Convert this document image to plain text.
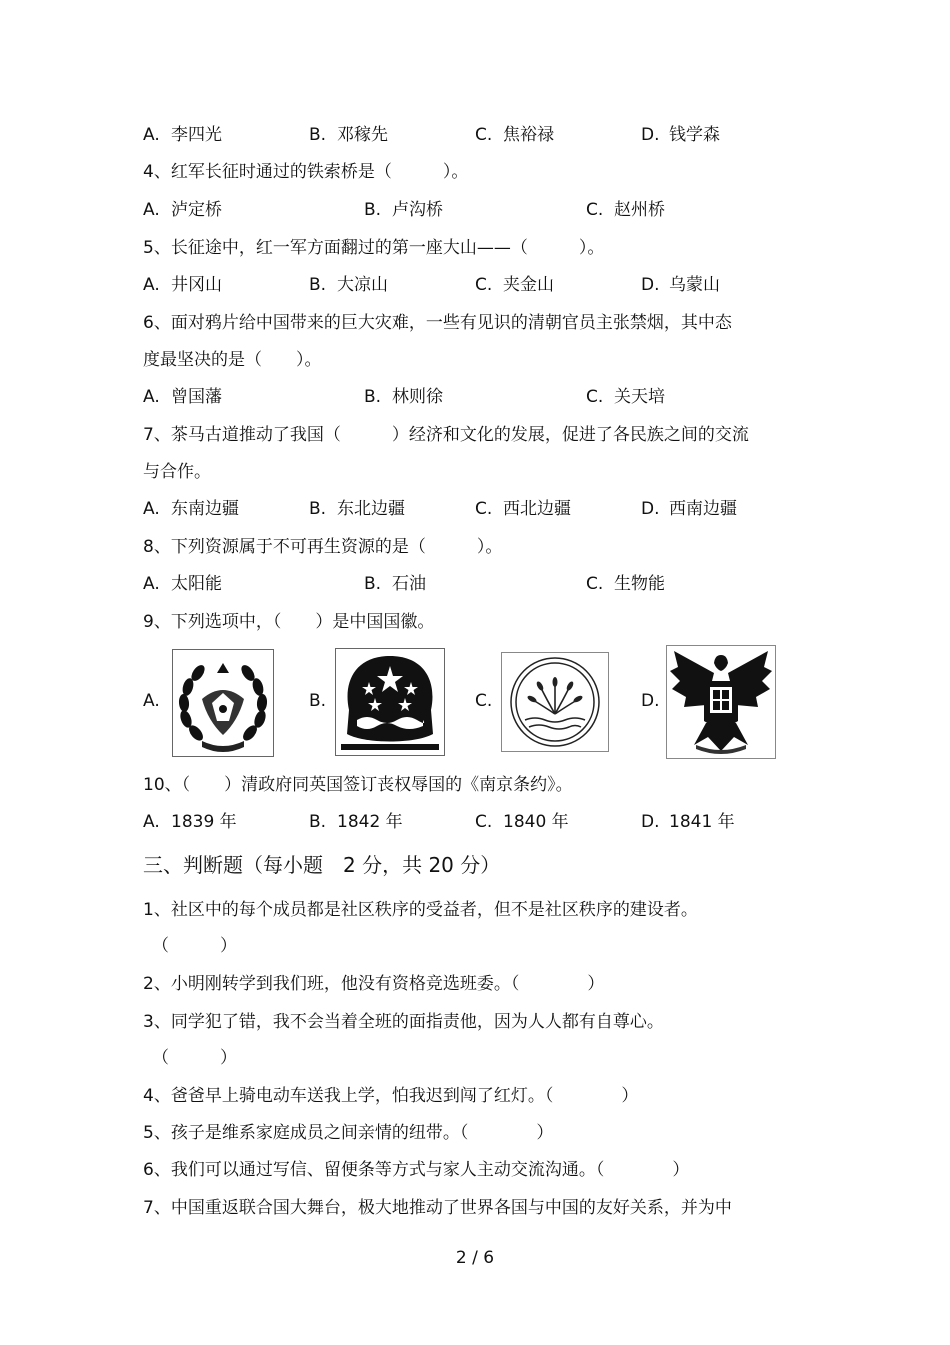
A. 李四光	B. 邓稼先	C. 焦裕禄	D. 钱学森
4、红军长征时通过的铁索桥是（　　　）。
A. 泸定桥	B. 卢沟桥	C. 赵州桥
5、长征途中，红一军方面翻过的第一座大山——（　　　）。
A. 井冈山	B. 大凉山	C. 夹金山	D. 乌蒙山
6、面对鸦片给中国带来的巨大灾难，一些有见识的清朝官员主张禁烟，其中态
度最坚决的是（　　）。
A. 曾国藩	B. 林则徐	C. 关天培
7、茶马古道推动了我国（　　　）经济和文化的发展，促进了各民族之间的交流
与合作。
A. 东南边疆	B. 东北边疆	C. 西北边疆	D. 西南边疆
8、下列资源属于不可再生资源的是（　　　）。
A. 太阳能	B. 石油	C. 生物能
9、下列选项中，（　　）是中国国徽。
A.	B.	C.	D.
10、（　　）清政府同英国签订丧权辱国的《南京条约》。
A. 1839 年	B. 1842 年	C. 1840 年	D. 1841 年
三、判断题（每小题　2 分，共 20 分）
1、社区中的每个成员都是社区秩序的受益者，但不是社区秩序的建设者。
（　　　）
2、小明刚转学到我们班，他没有资格竞选班委。（　　　　）
3、同学犯了错，我不会当着全班的面指责他，因为人人都有自尊心。
（　　　）
4、爸爸早上骑电动车送我上学，怕我迟到闯了红灯。（　　　　）
5、孩子是维系家庭成员之间亲情的纽带。（　　　　）
6、我们可以通过写信、留便条等方式与家人主动交流沟通。（　　　　）
7、中国重返联合国大舞台，极大地推动了世界各国与中国的友好关系，并为中
2 / 6
